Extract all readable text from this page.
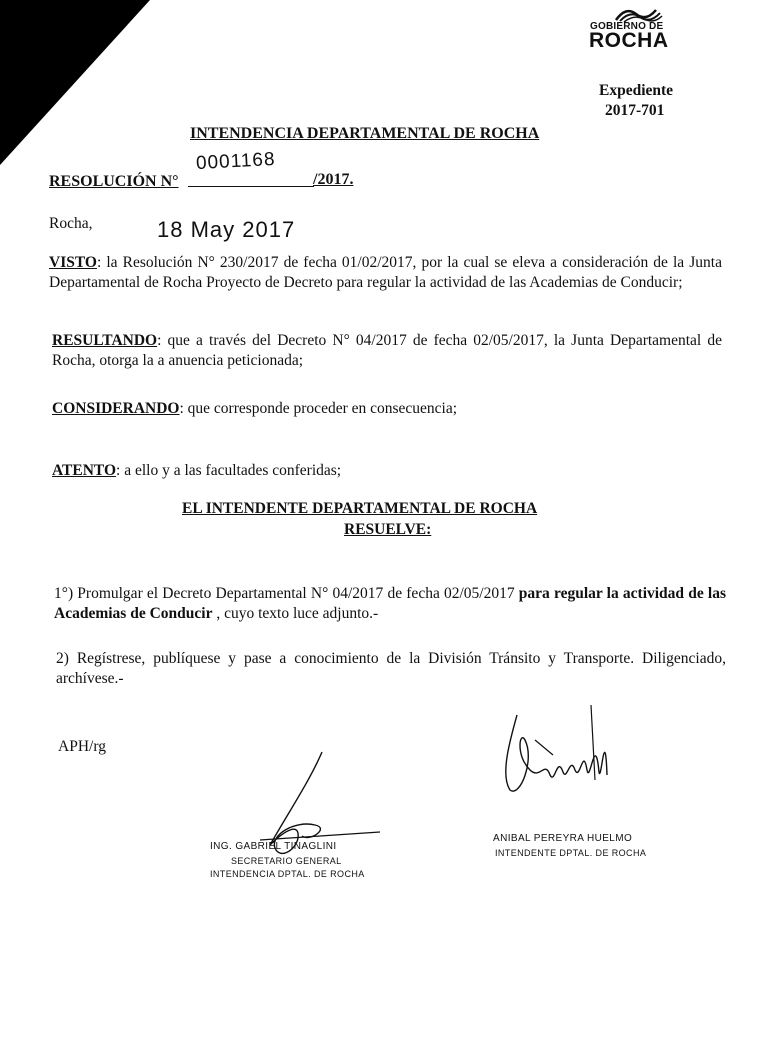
GOBIERNO DE
ROCHA
Expediente
2017-701
INTENDENCIA DEPARTAMENTAL DE ROCHA
RESOLUCIÓN N°
0001168
/2017.
Rocha,	18 May 2017
VISTO: la Resolución N° 230/2017 de fecha 01/02/2017, por la cual se eleva a consideración de la Junta Departamental de Rocha Proyecto de Decreto para regular la actividad de las Academias de Conducir;
RESULTANDO: que a través del Decreto N° 04/2017 de fecha 02/05/2017, la Junta Departamental de Rocha, otorga la a anuencia peticionada;
CONSIDERANDO: que corresponde proceder en consecuencia;
ATENTO: a ello y a las facultades conferidas;
EL INTENDENTE DEPARTAMENTAL DE ROCHA
RESUELVE:
1°) Promulgar el Decreto Departamental N° 04/2017 de fecha 02/05/2017 para regular la actividad de las Academias de Conducir , cuyo texto luce adjunto.-
2) Regístrese, publíquese y pase a conocimiento de la División Tránsito y Transporte. Diligenciado, archívese.-
APH/rg
ING. GABRIEL TINAGLINI
SECRETARIO GENERAL
INTENDENCIA DPTAL. DE ROCHA
ANIBAL PEREYRA HUELMO
INTENDENTE DPTAL. DE ROCHA
